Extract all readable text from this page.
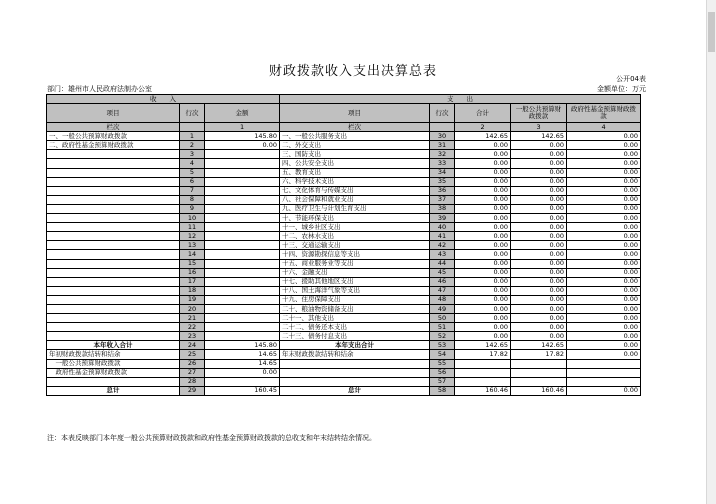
财政拨款收入支出决算总表	公开04表
部门：雄州市人民政府法制办公室	金额单位：万元
收　　入			支　　出				
项目	行次	金额	项目	行次	合计	一般公共预算财政拨款	政府性基金预算财政拨款
栏次		1	栏次		2	3	4
一、一般公共预算财政拨款	1	145.80	一、一般公共服务支出	30	142.65	142.65	0.00
二、政府性基金预算财政拨款	2	0.00	二、外交支出	31	0.00	0.00	0.00
	3		三、国防支出	32	0.00	0.00	0.00
	4		四、公共安全支出	33	0.00	0.00	0.00
	5		五、教育支出	34	0.00	0.00	0.00
	6		六、科学技术支出	35	0.00	0.00	0.00
	7		七、文化体育与传媒支出	36	0.00	0.00	0.00
	8		八、社会保障和就业支出	37	0.00	0.00	0.00
	9		九、医疗卫生与计划生育支出	38	0.00	0.00	0.00
	10		十、节能环保支出	39	0.00	0.00	0.00
	11		十一、城乡社区支出	40	0.00	0.00	0.00
	12		十二、农林水支出	41	0.00	0.00	0.00
	13		十三、交通运输支出	42	0.00	0.00	0.00
	14		十四、资源勘探信息等支出	43	0.00	0.00	0.00
	15		十五、商业服务业等支出	44	0.00	0.00	0.00
	16		十六、金融支出	45	0.00	0.00	0.00
	17		十七、援助其他地区支出	46	0.00	0.00	0.00
	18		十八、国土海洋气象等支出	47	0.00	0.00	0.00
	19		十九、住房保障支出	48	0.00	0.00	0.00
	20		二十、粮油物资储备支出	49	0.00	0.00	0.00
	21		二十一、其他支出	50	0.00	0.00	0.00
	22		二十二、债务还本支出	51	0.00	0.00	0.00
	23		二十三、债务付息支出	52	0.00	0.00	0.00
本年收入合计	24	145.80	本年支出合计	53	142.65	142.65	0.00
年初财政拨款结转和结余	25	14.65	年末财政拨款结转和结余	54	17.82	17.82	0.00
　一般公共预算财政拨款	26	14.65		55			
　政府性基金预算财政拨款	27	0.00		56			
	28			57			
总计	29	160.45	总计	58	160.46	160.46	0.00
注：本表反映部门本年度一般公共预算财政拨款和政府性基金预算财政拨款的总收支和年末结转结余情况。
